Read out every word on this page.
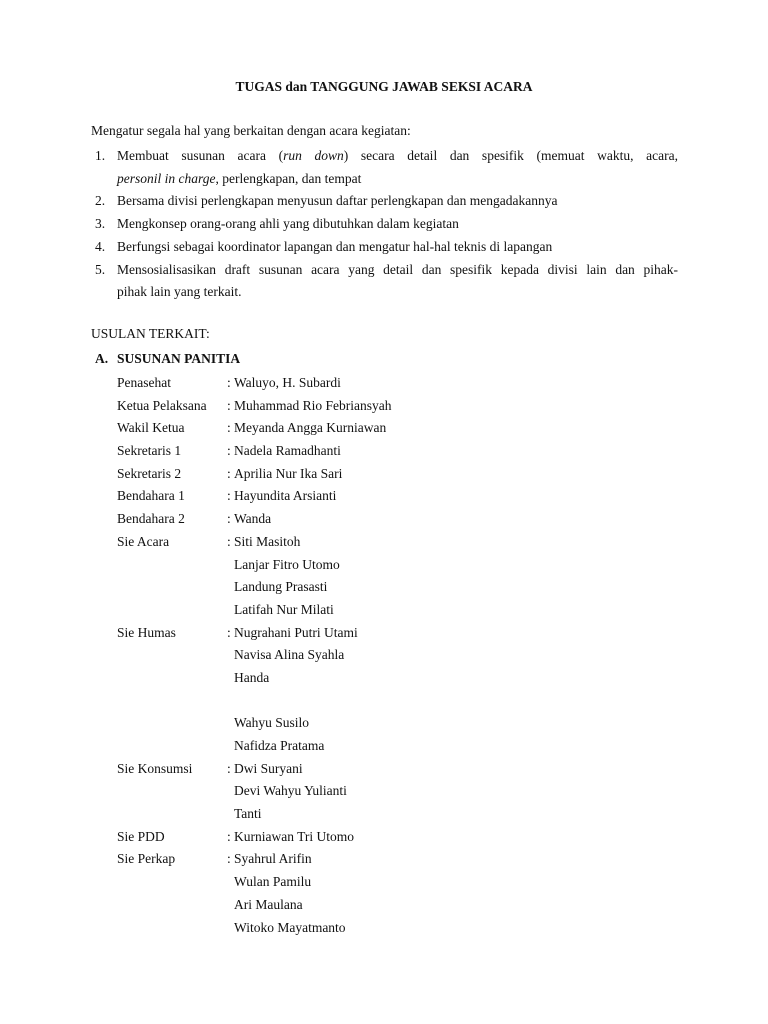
TUGAS dan TANGGUNG JAWAB SEKSI ACARA
Mengatur segala hal yang berkaitan dengan acara kegiatan:
1. Membuat susunan acara (run down) secara detail dan spesifik (memuat waktu, acara,
personil in charge, perlengkapan, dan tempat
2. Bersama divisi perlengkapan menyusun daftar perlengkapan dan mengadakannya
3. Mengkonsep orang-orang ahli yang dibutuhkan dalam kegiatan
4. Berfungsi sebagai koordinator lapangan dan mengatur hal-hal teknis di lapangan
5. Mensosialisasikan draft susunan acara yang detail dan spesifik kepada divisi lain dan pihak-
pihak lain yang terkait.
USULAN TERKAIT:
A. SUSUNAN PANITIA
Penasehat	: Waluyo, H. Subardi
Ketua Pelaksana : Muhammad Rio Febriansyah
Wakil Ketua	: Meyanda Angga Kurniawan
Sekretaris 1	: Nadela Ramadhanti
Sekretaris 2	: Aprilia Nur Ika Sari
Bendahara 1	: Hayundita Arsianti
Bendahara 2	: Wanda
Sie Acara	: Siti Masitoh
Lanjar Fitro Utomo
Landung Prasasti
Latifah Nur Milati
Sie Humas	: Nugrahani Putri Utami
Navisa Alina Syahla
Handa
Wahyu Susilo
Nafidza Pratama
Sie Konsumsi	: Dwi Suryani
Devi Wahyu Yulianti
Tanti
Sie PDD	: Kurniawan Tri Utomo
Sie Perkap	: Syahrul Arifin
Wulan Pamilu
Ari Maulana
Witoko Mayatmanto
